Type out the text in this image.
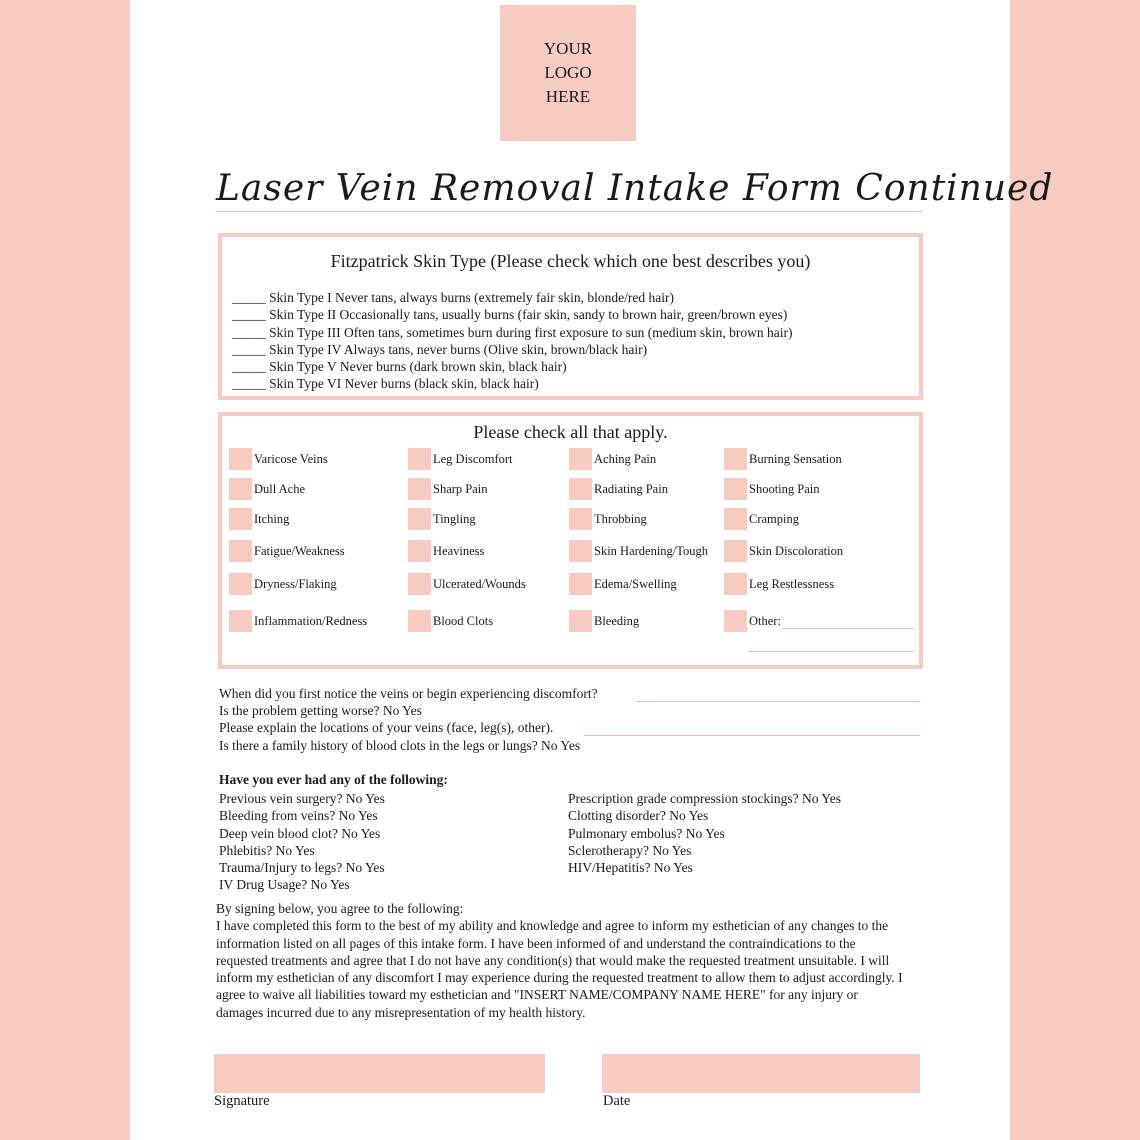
YOUR
LOGO
HERE
Laser Vein Removal Intake Form Continued
Fitzpatrick Skin Type (Please check which one best describes you)
_____ Skin Type I Never tans, always burns (extremely fair skin, blonde/red hair)
_____ Skin Type II Occasionally tans, usually burns (fair skin, sandy to brown hair, green/brown eyes)
_____ Skin Type III Often tans, sometimes burn during first exposure to sun (medium skin, brown hair)
_____ Skin Type IV Always tans, never burns (Olive skin, brown/black hair)
_____ Skin Type V Never burns (dark brown skin, black hair)
_____ Skin Type VI Never burns (black skin, black hair)
Please check all that apply.
Varicose Veins	Leg Discomfort	Aching Pain	Burning Sensation
Dull Ache	Sharp Pain	Radiating Pain	Shooting Pain
Itching	Tingling	Throbbing	Cramping
Fatigue/Weakness	Heaviness	Skin Hardening/Tough	Skin Discoloration
Dryness/Flaking	Ulcerated/Wounds	Edema/Swelling	Leg Restlessness
Inflammation/Redness	Blood Clots	Bleeding	Other:
When did you first notice the veins or begin experiencing discomfort?
Is the problem getting worse? No Yes
Please explain the locations of your veins (face, leg(s), other).
Is there a family history of blood clots in the legs or lungs? No Yes
Have you ever had any of the following:
Previous vein surgery? No Yes
Bleeding from veins? No Yes
Deep vein blood clot? No Yes
Phlebitis? No Yes
Trauma/Injury to legs? No Yes
IV Drug Usage? No Yes
Prescription grade compression stockings? No Yes
Clotting disorder? No Yes
Pulmonary embolus? No Yes
Sclerotherapy? No Yes
HIV/Hepatitis? No Yes
By signing below, you agree to the following:
I have completed this form to the best of my ability and knowledge and agree to inform my esthetician of any changes to the information listed on all pages of this intake form. I have been informed of and understand the contraindications to the requested treatments and agree that I do not have any condition(s) that would make the requested treatment unsuitable. I will inform my esthetician of any discomfort I may experience during the requested treatment to allow them to adjust accordingly. I agree to waive all liabilities toward my esthetician and "INSERT NAME/COMPANY NAME HERE" for any injury or damages incurred due to any misrepresentation of my health history.
Signature	Date
